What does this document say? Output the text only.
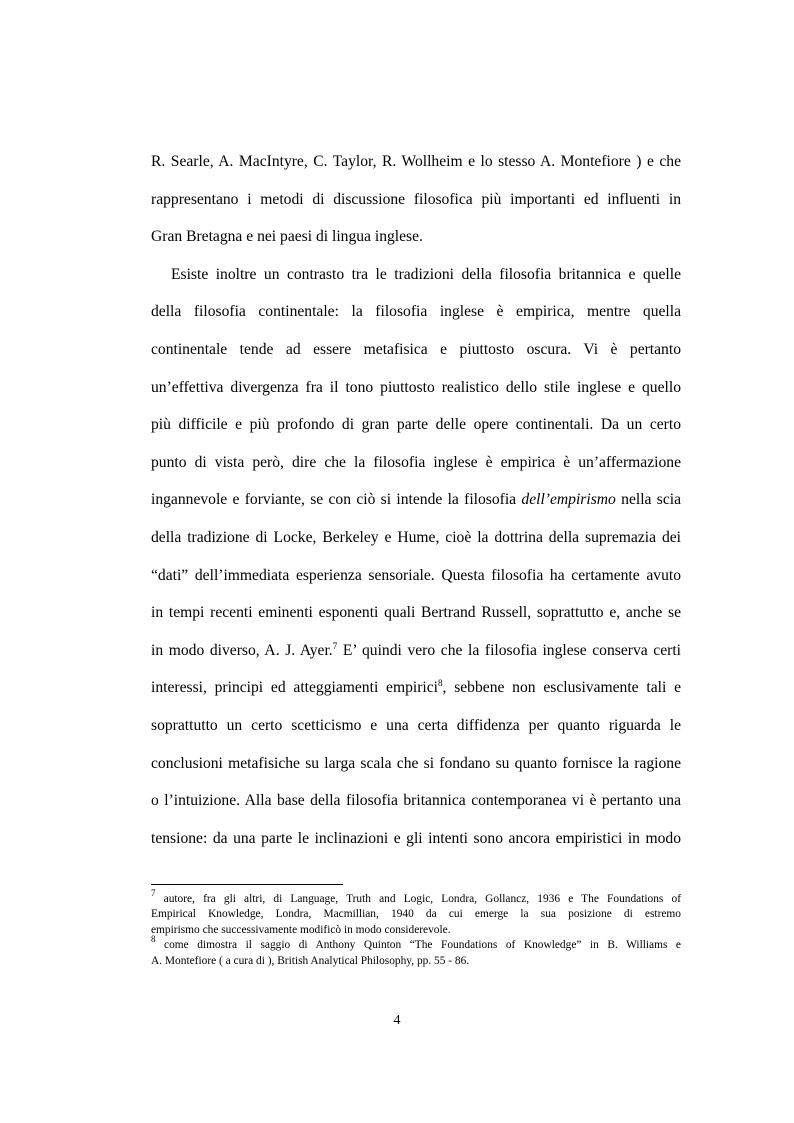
R. Searle, A. MacIntyre, C. Taylor, R. Wollheim e lo stesso A. Montefiore ) e che
rappresentano i metodi di discussione filosofica più importanti ed influenti in
Gran Bretagna e nei paesi di lingua inglese.
Esiste inoltre un contrasto tra le tradizioni della filosofia britannica e quelle
della filosofia continentale: la filosofia inglese è empirica, mentre quella
continentale tende ad essere metafisica e piuttosto oscura. Vi è pertanto
un’effettiva divergenza fra il tono piuttosto realistico dello stile inglese e quello
più difficile e più profondo di gran parte delle opere continentali. Da un certo
punto di vista però, dire che la filosofia inglese è empirica è un’affermazione
ingannevole e forviante, se con ciò si intende la filosofia dell’empirismo nella scia
della tradizione di Locke, Berkeley e Hume, cioè la dottrina della supremazia dei
“dati” dell’immediata esperienza sensoriale. Questa filosofia ha certamente avuto
in tempi recenti eminenti esponenti quali Bertrand Russell, soprattutto e, anche se
in modo diverso, A. J. Ayer.$^7$ E’ quindi vero che la filosofia inglese conserva certi
interessi, principi ed atteggiamenti empirici$^8$, sebbene non esclusivamente tali e
soprattutto un certo scetticismo e una certa diffidenza per quanto riguarda le
conclusioni metafisiche su larga scala che si fondano su quanto fornisce la ragione
o l’intuizione. Alla base della filosofia britannica contemporanea vi è pertanto una
tensione: da una parte le inclinazioni e gli intenti sono ancora empiristici in modo
$^7$ autore, fra gli altri, di Language, Truth and Logic, Londra, Gollancz, 1936 e The Foundations of
Empirical Knowledge, Londra, Macmillian, 1940 da cui emerge la sua posizione di estremo
empirismo che successivamente modificò in modo considerevole.
$^8$ come dimostra il saggio di Anthony Quinton “The Foundations of Knowledge” in B. Williams e
A. Montefiore ( a cura di ), British Analytical Philosophy, pp. 55 - 86.
4
